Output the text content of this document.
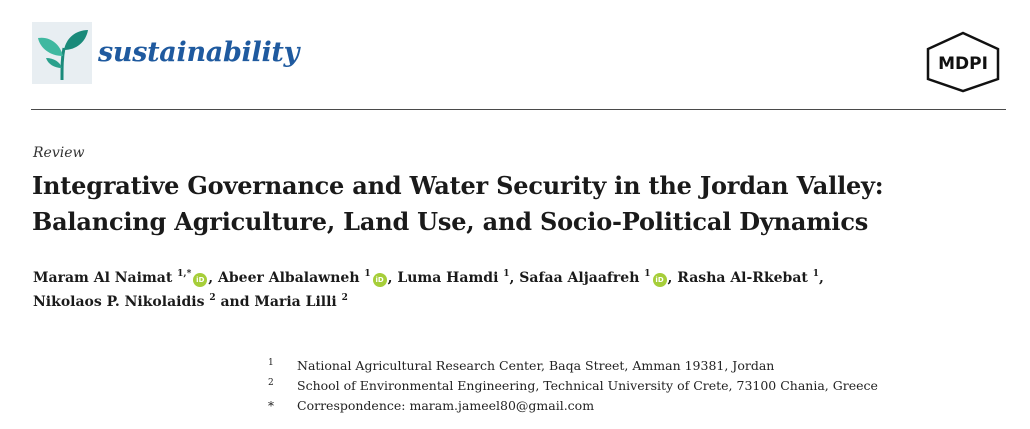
sustainability	MDPI
Review
Integrative Governance and Water Security in the Jordan Valley:
Balancing Agriculture, Land Use, and Socio-Political Dynamics
Maram Al Naimat $^{1,*}$iD , Abeer Albalawneh $^1$iD , Luma Hamdi $^1$, Safaa Aljaafreh $^1$iD , Rasha Al-Rkebat $^1$,
Nikolaos P. Nikolaidis $^2$ and Maria Lilli $^2$
1 National Agricultural Research Center, Baqa Street, Amman 19381, Jordan
2 School of Environmental Engineering, Technical University of Crete, 73100 Chania, Greece
* Correspondence: maram.jameel80@gmail.com
